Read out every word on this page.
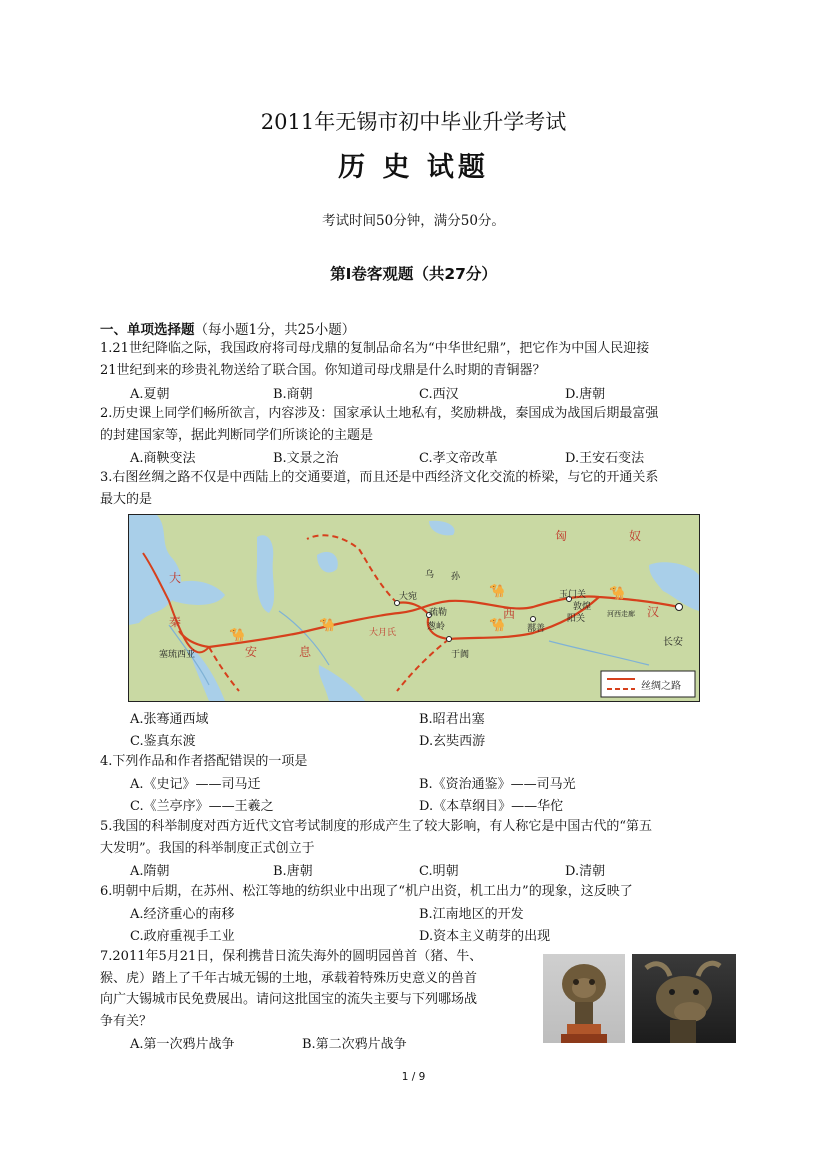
2011年无锡市初中毕业升学考试
历 史 试题
考试时间50分钟，满分50分。
第Ⅰ卷客观题（共27分）
一、单项选择题（每小题1分，共25小题）
1.21世纪降临之际，我国政府将司母戊鼎的复制品命名为“中华世纪鼎”，把它作为中国人民迎接
21世纪到来的珍贵礼物送给了联合国。你知道司母戊鼎是什么时期的青铜器？
A.夏朝	B.商朝	C.西汉	D.唐朝
2.历史课上同学们畅所欲言，内容涉及：国家承认土地私有，奖励耕战，秦国成为战国后期最富强
的封建国家等，据此判断同学们所谈论的主题是
A.商鞅变法	B.文景之治	C.孝文帝改革	D.王安石变法
3.右图丝绸之路不仅是中西陆上的交通要道，而且还是中西经济文化交流的桥梁，与它的开通关系
最大的是
🐪
🐪
🐪	🐪
🐪
匈	奴
大
秦
安	息
西	汉
乌 孙
大宛
疏勒
葱岭
大月氏
于阗
鄯善
玉门关
敦煌
阳关	河西走廊
长安
塞琉西亚
丝绸之路
A.张骞通西域	B.昭君出塞
C.鉴真东渡	D.玄奘西游
4.下列作品和作者搭配错误的一项是
A.《史记》——司马迁	B.《资治通鉴》——司马光
C.《兰亭序》——王羲之	D.《本草纲目》——华佗
5.我国的科举制度对西方近代文官考试制度的形成产生了较大影响，有人称它是中国古代的“第五
大发明”。我国的科举制度正式创立于
A.隋朝	B.唐朝	C.明朝	D.清朝
6.明朝中后期，在苏州、松江等地的纺织业中出现了“机户出资，机工出力”的现象，这反映了
A.经济重心的南移	B.江南地区的开发
C.政府重视手工业	D.资本主义萌芽的出现
7.2011年5月21日，保利携昔日流失海外的圆明园兽首（猪、牛、
猴、虎）踏上了千年古城无锡的土地，承载着特殊历史意义的兽首
向广大锡城市民免费展出。请问这批国宝的流失主要与下列哪场战
争有关？
A.第一次鸦片战争	B.第二次鸦片战争
1 / 9
